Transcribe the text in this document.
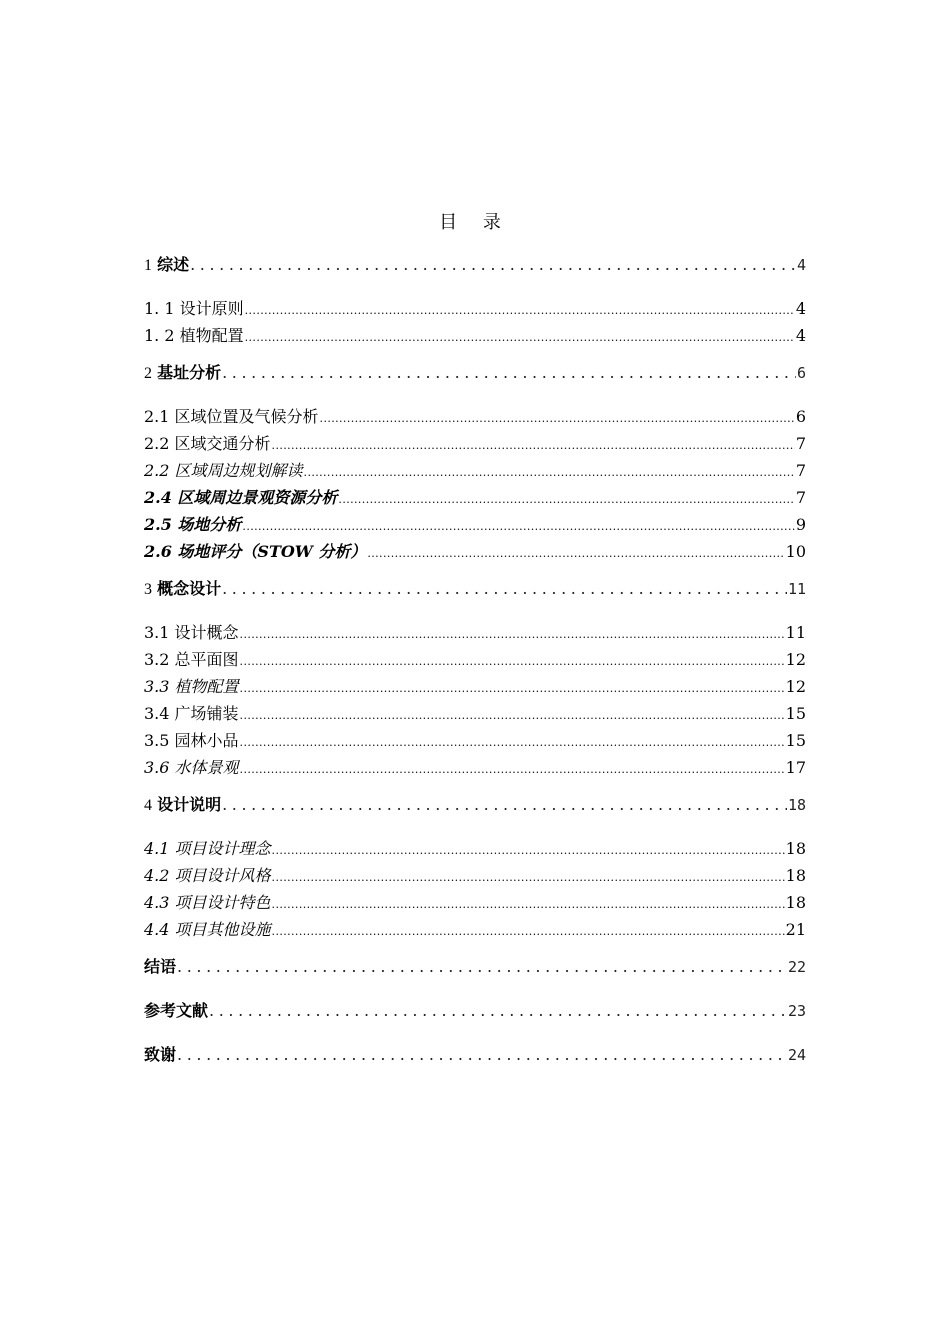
目 录
1 综述 .....	4
1. 1 设计原则 .....	4
1. 2 植物配置 .....	4
2 基址分析 .....	6
2.1 区域位置及气候分析 .....	6
2.2 区域交通分析 .....	7
2.2 区域周边规划解读 .....	7
2.4 区域周边景观资源分析 .....	7
2.5 场地分析 .....	9
2.6 场地评分（STOW 分析） .....	10
3 概念设计 .....	11
3.1 设计概念 .....	11
3.2 总平面图 .....	12
3.3 植物配置 .....	12
3.4 广场铺装 .....	15
3.5 园林小品 .....	15
3.6 水体景观 .....	17
4 设计说明 .....	18
4.1 项目设计理念 .....	18
4.2 项目设计风格 .....	18
4.3 项目设计特色 .....	18
4.4 项目其他设施 .....	21
结语 .....	22
参考文献 .....	23
致谢 .....	24
